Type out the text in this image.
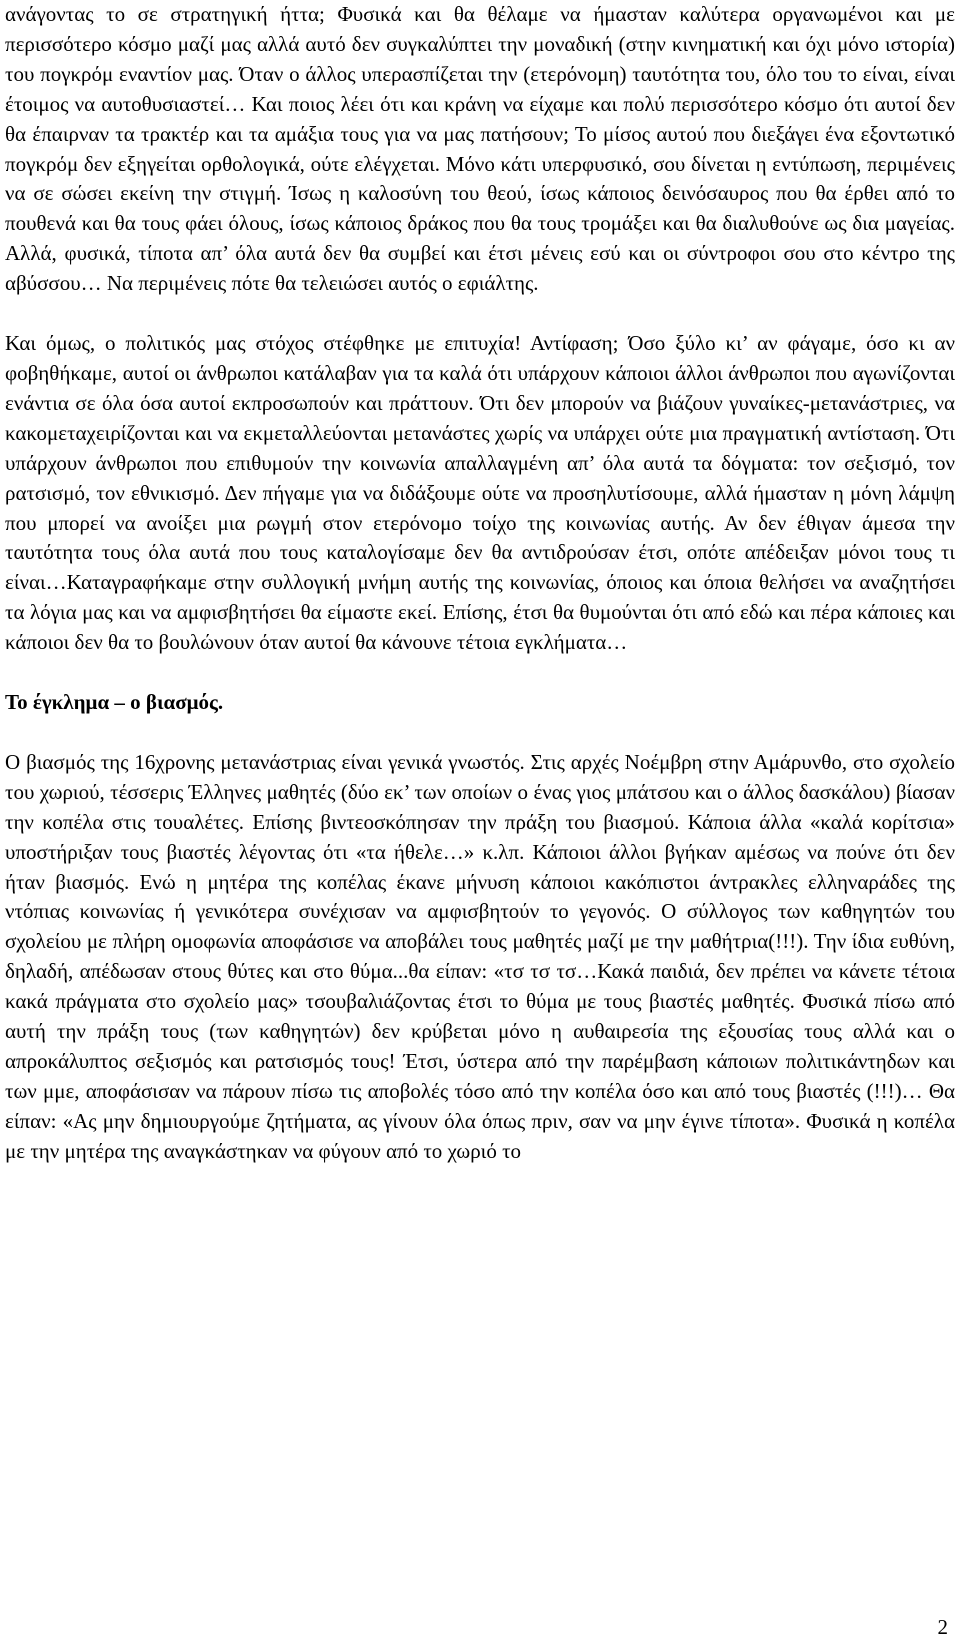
ανάγοντας το σε στρατηγική ήττα; Φυσικά και θα θέλαμε να ήμασταν καλύτερα οργανωμένοι και με περισσότερο κόσμο μαζί μας αλλά αυτό δεν συγκαλύπτει την μοναδική (στην κινηματική και όχι μόνο ιστορία) του πογκρόμ εναντίον μας. Όταν ο άλλος υπερασπίζεται την (ετερόνομη) ταυτότητα του, όλο του το είναι, είναι έτοιμος να αυτοθυσιαστεί… Και ποιος λέει ότι και κράνη να είχαμε και πολύ περισσότερο κόσμο ότι αυτοί δεν θα έπαιρναν τα τρακτέρ και τα αμάξια τους για να μας πατήσουν; Το μίσος αυτού που διεξάγει ένα εξοντωτικό πογκρόμ δεν εξηγείται ορθολογικά, ούτε ελέγχεται. Μόνο κάτι υπερφυσικό, σου δίνεται η εντύπωση, περιμένεις να σε σώσει εκείνη την στιγμή. Ίσως η καλοσύνη του θεού, ίσως κάποιος δεινόσαυρος που θα έρθει από το πουθενά και θα τους φάει όλους, ίσως κάποιος δράκος που θα τους τρομάξει και θα διαλυθούνε ως δια μαγείας. Αλλά, φυσικά, τίποτα απ’ όλα αυτά δεν θα συμβεί και έτσι μένεις εσύ και οι σύντροφοι σου στο κέντρο της αβύσσου… Να περιμένεις πότε θα τελειώσει αυτός ο εφιάλτης.

Και όμως, ο πολιτικός μας στόχος στέφθηκε με επιτυχία! Αντίφαση; Όσο ξύλο κι’ αν φάγαμε, όσο κι αν φοβηθήκαμε, αυτοί οι άνθρωποι κατάλαβαν για τα καλά ότι υπάρχουν κάποιοι άλλοι άνθρωποι που αγωνίζονται ενάντια σε όλα όσα αυτοί εκπροσωπούν και πράττουν. Ότι δεν μπορούν να βιάζουν γυναίκες-μετανάστριες, να κακομεταχειρίζονται και να εκμεταλλεύονται μετανάστες χωρίς να υπάρχει ούτε μια πραγματική αντίσταση. Ότι υπάρχουν άνθρωποι που επιθυμούν την κοινωνία απαλλαγμένη απ’ όλα αυτά τα δόγματα: τον σεξισμό, τον ρατσισμό, τον εθνικισμό. Δεν πήγαμε για να διδάξουμε ούτε να προσηλυτίσουμε, αλλά ήμασταν η μόνη λάμψη που μπορεί να ανοίξει μια ρωγμή στον ετερόνομο τοίχο της κοινωνίας αυτής. Αν δεν έθιγαν άμεσα την ταυτότητα τους όλα αυτά που τους καταλογίσαμε δεν θα αντιδρούσαν έτσι, οπότε απέδειξαν μόνοι τους τι είναι…Καταγραφήκαμε στην συλλογική μνήμη αυτής της κοινωνίας, όποιος και όποια θελήσει να αναζητήσει τα λόγια μας και να αμφισβητήσει θα είμαστε εκεί. Επίσης, έτσι θα θυμούνται ότι από εδώ και πέρα κάποιες και κάποιοι δεν θα το βουλώνουν όταν αυτοί θα κάνουνε τέτοια εγκλήματα…

Το έγκλημα – ο βιασμός.

Ο βιασμός της 16χρονης μετανάστριας είναι γενικά γνωστός. Στις αρχές Νοέμβρη στην Αμάρυνθο, στο σχολείο του χωριού, τέσσερις Έλληνες μαθητές (δύο εκ’ των οποίων ο ένας γιος μπάτσου και ο άλλος δασκάλου) βίασαν την κοπέλα στις τουαλέτες. Επίσης βιντεοσκόπησαν την πράξη του βιασμού. Κάποια άλλα «καλά κορίτσια» υποστήριξαν τους βιαστές λέγοντας ότι «τα ήθελε…» κ.λπ. Κάποιοι άλλοι βγήκαν αμέσως να πούνε ότι δεν ήταν βιασμός. Ενώ η μητέρα της κοπέλας έκανε μήνυση κάποιοι κακόπιστοι άντρακλες ελληναράδες της ντόπιας κοινωνίας ή γενικότερα συνέχισαν να αμφισβητούν το γεγονός. Ο σύλλογος των καθηγητών του σχολείου με πλήρη ομοφωνία αποφάσισε να αποβάλει τους μαθητές μαζί με την μαθήτρια(!!!). Την ίδια ευθύνη, δηλαδή, απέδωσαν στους θύτες και στο θύμα...θα είπαν: «τσ τσ τσ…Κακά παιδιά, δεν πρέπει να κάνετε τέτοια κακά πράγματα στο σχολείο μας» τσουβαλιάζοντας έτσι το θύμα με τους βιαστές μαθητές. Φυσικά πίσω από αυτή την πράξη τους (των καθηγητών) δεν κρύβεται μόνο η αυθαιρεσία της εξουσίας τους αλλά και ο απροκάλυπτος σεξισμός και ρατσισμός τους! Έτσι, ύστερα από την παρέμβαση κάποιων πολιτικάντηδων και των μμε, αποφάσισαν να πάρουν πίσω τις αποβολές τόσο από την κοπέλα όσο και από τους βιαστές (!!!)… Θα είπαν: «Ας μην δημιουργούμε ζητήματα, ας γίνουν όλα όπως πριν, σαν να μην έγινε τίποτα». Φυσικά η κοπέλα με την μητέρα της αναγκάστηκαν να φύγουν από το χωριό το

2
